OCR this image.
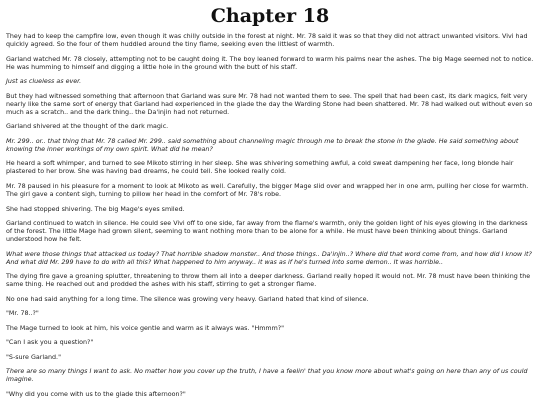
Chapter 18

They had to keep the campfire low, even though it was chilly outside in the forest at night. Mr. 78 said it was so that they did not attract unwanted visitors. Vivi had quickly agreed. So the four of them huddled around the tiny flame, seeking even the littlest of warmth.

Garland watched Mr. 78 closely, attempting not to be caught doing it. The boy leaned forward to warm his palms near the ashes. The big Mage seemed not to notice. He was humming to himself and digging a little hole in the ground with the butt of his staff.

Just as clueless as ever.

But they had witnessed something that afternoon that Garland was sure Mr. 78 had not wanted them to see. The spell that had been cast, its dark magics, felt very nearly like the same sort of energy that Garland had experienced in the glade the day the Warding Stone had been shattered. Mr. 78 had walked out without even so much as a scratch.. and the dark thing.. the Da'injin had not returned.

Garland shivered at the thought of the dark magic.

Mr. 299.. or.. that thing that Mr. 78 called Mr. 299.. said something about channeling magic through me to break the stone in the glade. He said something about knowing the inner workings of my own spirit. What did he mean?

He heard a soft whimper, and turned to see Mikoto stirring in her sleep. She was shivering something awful, a cold sweat dampening her face, long blonde hair plastered to her brow. She was having bad dreams, he could tell. She looked really cold.

Mr. 78 paused in his pleasure for a moment to look at Mikoto as well. Carefully, the bigger Mage slid over and wrapped her in one arm, pulling her close for warmth. The girl gave a content sigh, turning to pillow her head in the comfort of Mr. 78's robe.

She had stopped shivering. The big Mage's eyes smiled.

Garland continued to watch in silence. He could see Vivi off to one side, far away from the flame's warmth, only the golden light of his eyes glowing in the darkness of the forest. The little Mage had grown silent, seeming to want nothing more than to be alone for a while. He must have been thinking about things. Garland understood how he felt.

What were those things that attacked us today? That horrible shadow monster.. And those things.. Da'injin..? Where did that word come from, and how did I know it? And what did Mr. 299 have to do with all this? What happened to him anyway.. it was as if he's turned into some demon.. It was horrible..

The dying fire gave a groaning splutter, threatening to throw them all into a deeper darkness. Garland really hoped it would not. Mr. 78 must have been thinking the same thing. He reached out and prodded the ashes with his staff, stirring to get a stronger flame.

No one had said anything for a long time. The silence was growing very heavy. Garland hated that kind of silence.

"Mr. 78..?"

The Mage turned to look at him, his voice gentle and warm as it always was. "Hmmm?"

"Can I ask you a question?"

"S-sure Garland."

There are so many things I want to ask. No matter how you cover up the truth, I have a feelin' that you know more about what's going on here than any of us could imagine.

"Why did you come with us to the glade this afternoon?"
